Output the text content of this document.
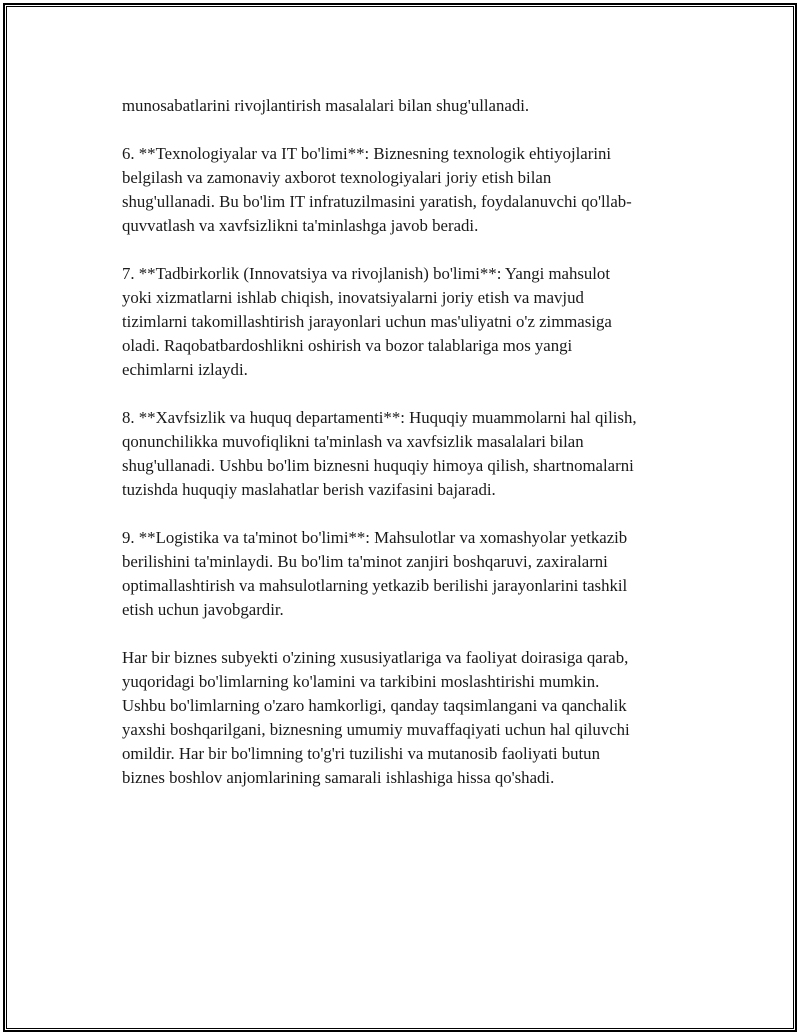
munosabatlarini rivojlantirish masalalari bilan shug'ullanadi.

6. **Texnologiyalar va IT bo'limi**: Biznesning texnologik ehtiyojlarini
belgilash va zamonaviy axborot texnologiyalari joriy etish bilan
shug'ullanadi. Bu bo'lim IT infratuzilmasini yaratish, foydalanuvchi qo'llab-
quvvatlash va xavfsizlikni ta'minlashga javob beradi.

7. **Tadbirkorlik (Innovatsiya va rivojlanish) bo'limi**: Yangi mahsulot
yoki xizmatlarni ishlab chiqish, inovatsiyalarni joriy etish va mavjud
tizimlarni takomillashtirish jarayonlari uchun mas'uliyatni o'z zimmasiga
oladi. Raqobatbardoshlikni oshirish va bozor talablariga mos yangi
echimlarni izlaydi.

8. **Xavfsizlik va huquq departamenti**: Huquqiy muammolarni hal qilish,
qonunchilikka muvofiqlikni ta'minlash va xavfsizlik masalalari bilan
shug'ullanadi. Ushbu bo'lim biznesni huquqiy himoya qilish, shartnomalarni
tuzishda huquqiy maslahatlar berish vazifasini bajaradi.

9. **Logistika va ta'minot bo'limi**: Mahsulotlar va xomashyolar yetkazib
berilishini ta'minlaydi. Bu bo'lim ta'minot zanjiri boshqaruvi, zaxiralarni
optimallashtirish va mahsulotlarning yetkazib berilishi jarayonlarini tashkil
etish uchun javobgardir.

Har bir biznes subyekti o'zining xususiyatlariga va faoliyat doirasiga qarab,
yuqoridagi bo'limlarning ko'lamini va tarkibini moslashtirishi mumkin.
Ushbu bo'limlarning o'zaro hamkorligi, qanday taqsimlangani va qanchalik
yaxshi boshqarilgani, biznesning umumiy muvaffaqiyati uchun hal qiluvchi
omildir. Har bir bo'limning to'g'ri tuzilishi va mutanosib faoliyati butun
biznes boshlov anjomlarining samarali ishlashiga hissa qo'shadi.
